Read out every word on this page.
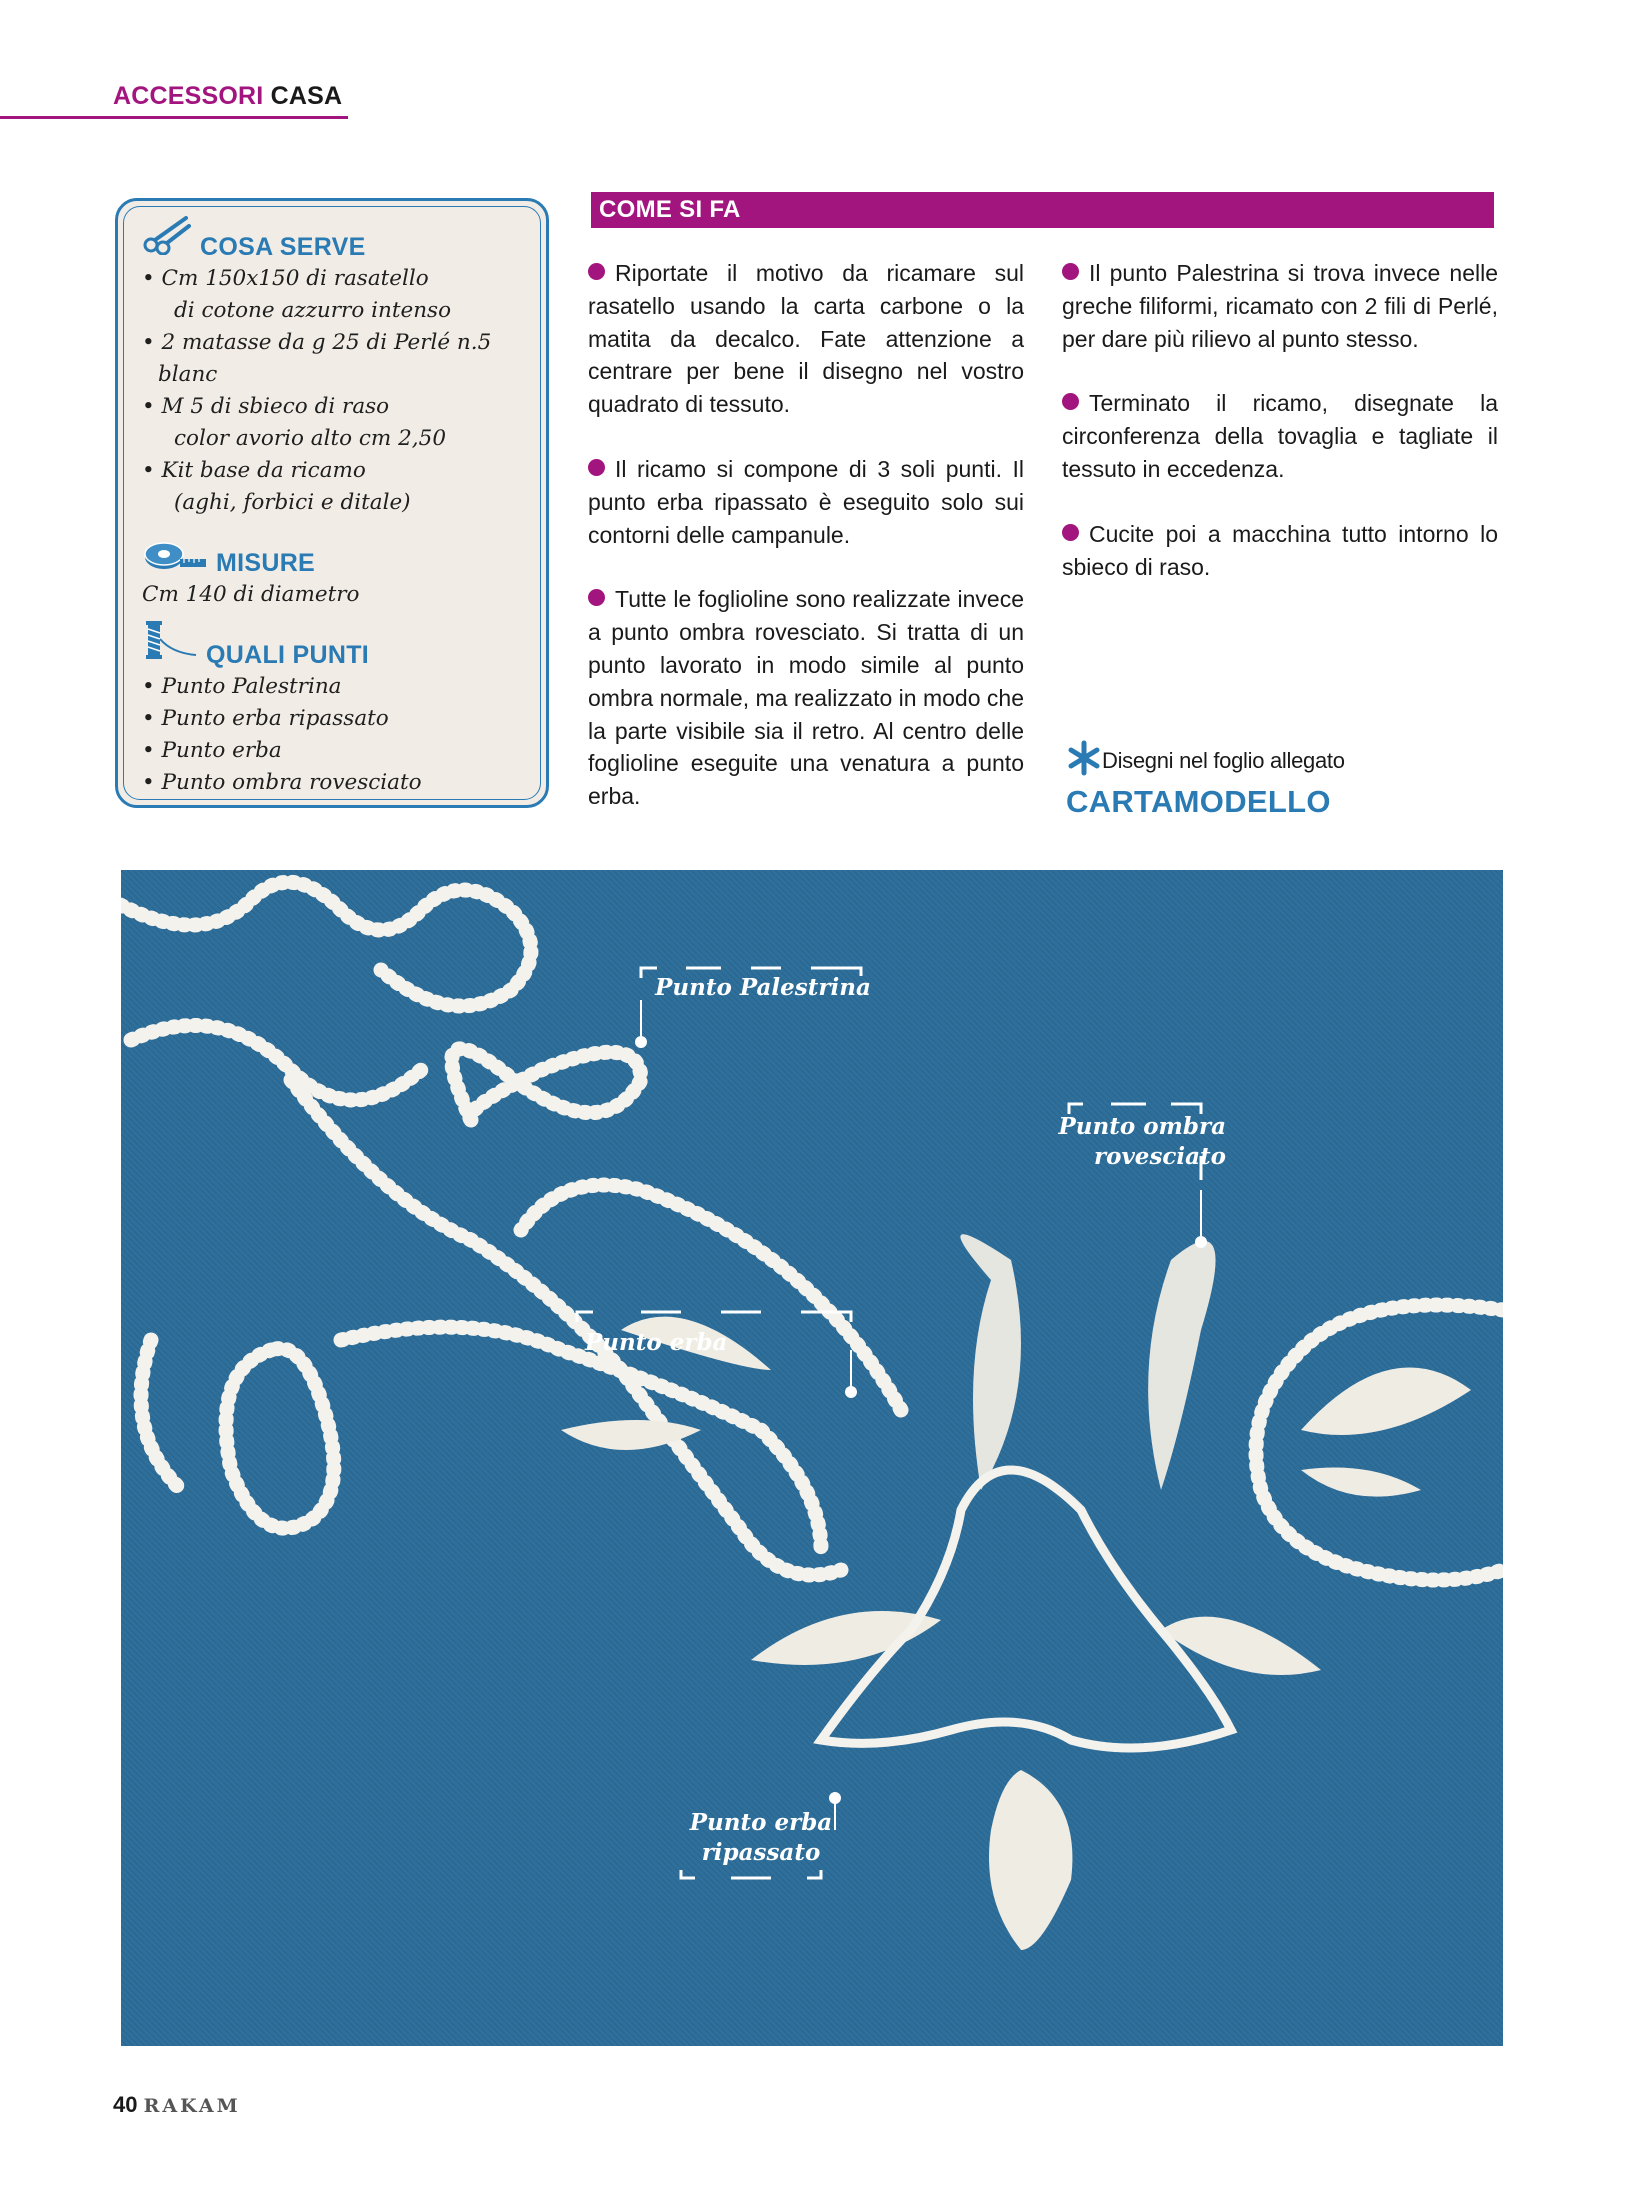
ACCESSORI CASA
COSA SERVE
• Cm 150x150 di rasatello
di cotone azzurro intenso
• 2 matasse da g 25 di Perlé n.5 blanc
• M 5 di sbieco di raso
color avorio alto cm 2,50
• Kit base da ricamo
(aghi, forbici e ditale)
MISURE
Cm 140 di diametro
QUALI PUNTI
• Punto Palestrina
• Punto erba ripassato
• Punto erba
• Punto ombra rovesciato
COME SI FA

Riportate il motivo da ricamare sul rasatello usando la carta carbone o la matita da decalco. Fate attenzione a centrare per bene il disegno nel vostro quadrato di tessuto.

Il ricamo si compone di 3 soli punti. Il punto erba ripassato è eseguito solo sui contorni delle campanule.

Tutte le foglioline sono realizzate invece a punto ombra rovesciato. Si tratta di un punto lavorato in modo simile al punto ombra normale, ma realizzato in modo che la parte visibile sia il retro. Al centro delle foglioline eseguite una venatura a punto erba.

Il punto Palestrina si trova invece nelle greche filiformi, ricamato con 2 fili di Perlé, per dare più rilievo al punto stesso.

Terminato il ricamo, disegnate la circonferenza della tovaglia e tagliate il tessuto in eccedenza.

Cucite poi a macchina tutto intorno lo sbieco di raso.

Disegni nel foglio allegato
CARTAMODELLO
Punto Palestrina
Punto ombra
rovesciato
Punto erba
Punto erba
ripassato
40 RAKAM
